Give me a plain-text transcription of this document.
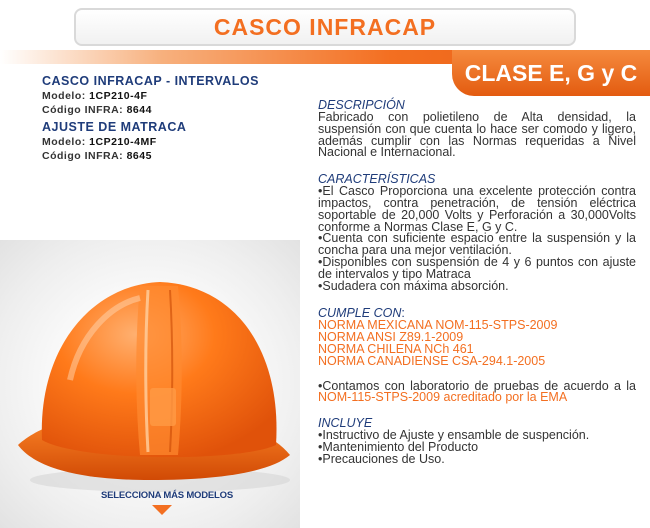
CASCO INFRACAP
CLASE E, G y C
CASCO INFRACAP - INTERVALOS
Modelo: 1CP210-4F
Código INFRA: 8644
AJUSTE DE MATRACA
Modelo: 1CP210-4MF
Código INFRA: 8645
SELECCIONA MÁS MODELOS
DESCRIPCIÓN
Fabricado con polietileno de Alta densidad, la suspensión con que cuenta lo hace ser comodo y ligero, además cumplir con las Normas requeridas a Nivel Nacional e Internacional.
CARACTERÍSTICAS
•El Casco Proporciona una excelente protección contra impactos, contra penetración, de tensión eléctrica soportable de 20,000 Volts y Perforación a 30,000Volts conforme a Normas Clase E, G y C.
•Cuenta con suficiente espacio entre la suspensión y la concha para una mejor ventilación.
•Disponibles con suspensión de 4 y 6 puntos con ajuste de intervalos y tipo Matraca
•Sudadera con máxima absorción.
CUMPLE CON:
NORMA MEXICANA NOM-115-STPS-2009
NORMA ANSI Z89.1-2009
NORMA CHILENA NCh 461
NORMA CANADIENSE CSA-294.1-2005
•Contamos con laboratorio de pruebas de acuerdo a la NOM-115-STPS-2009 acreditado por la EMA
INCLUYE
•Instructivo de Ajuste y ensamble de suspención.
•Mantenimiento del Producto
•Precauciones de Uso.
